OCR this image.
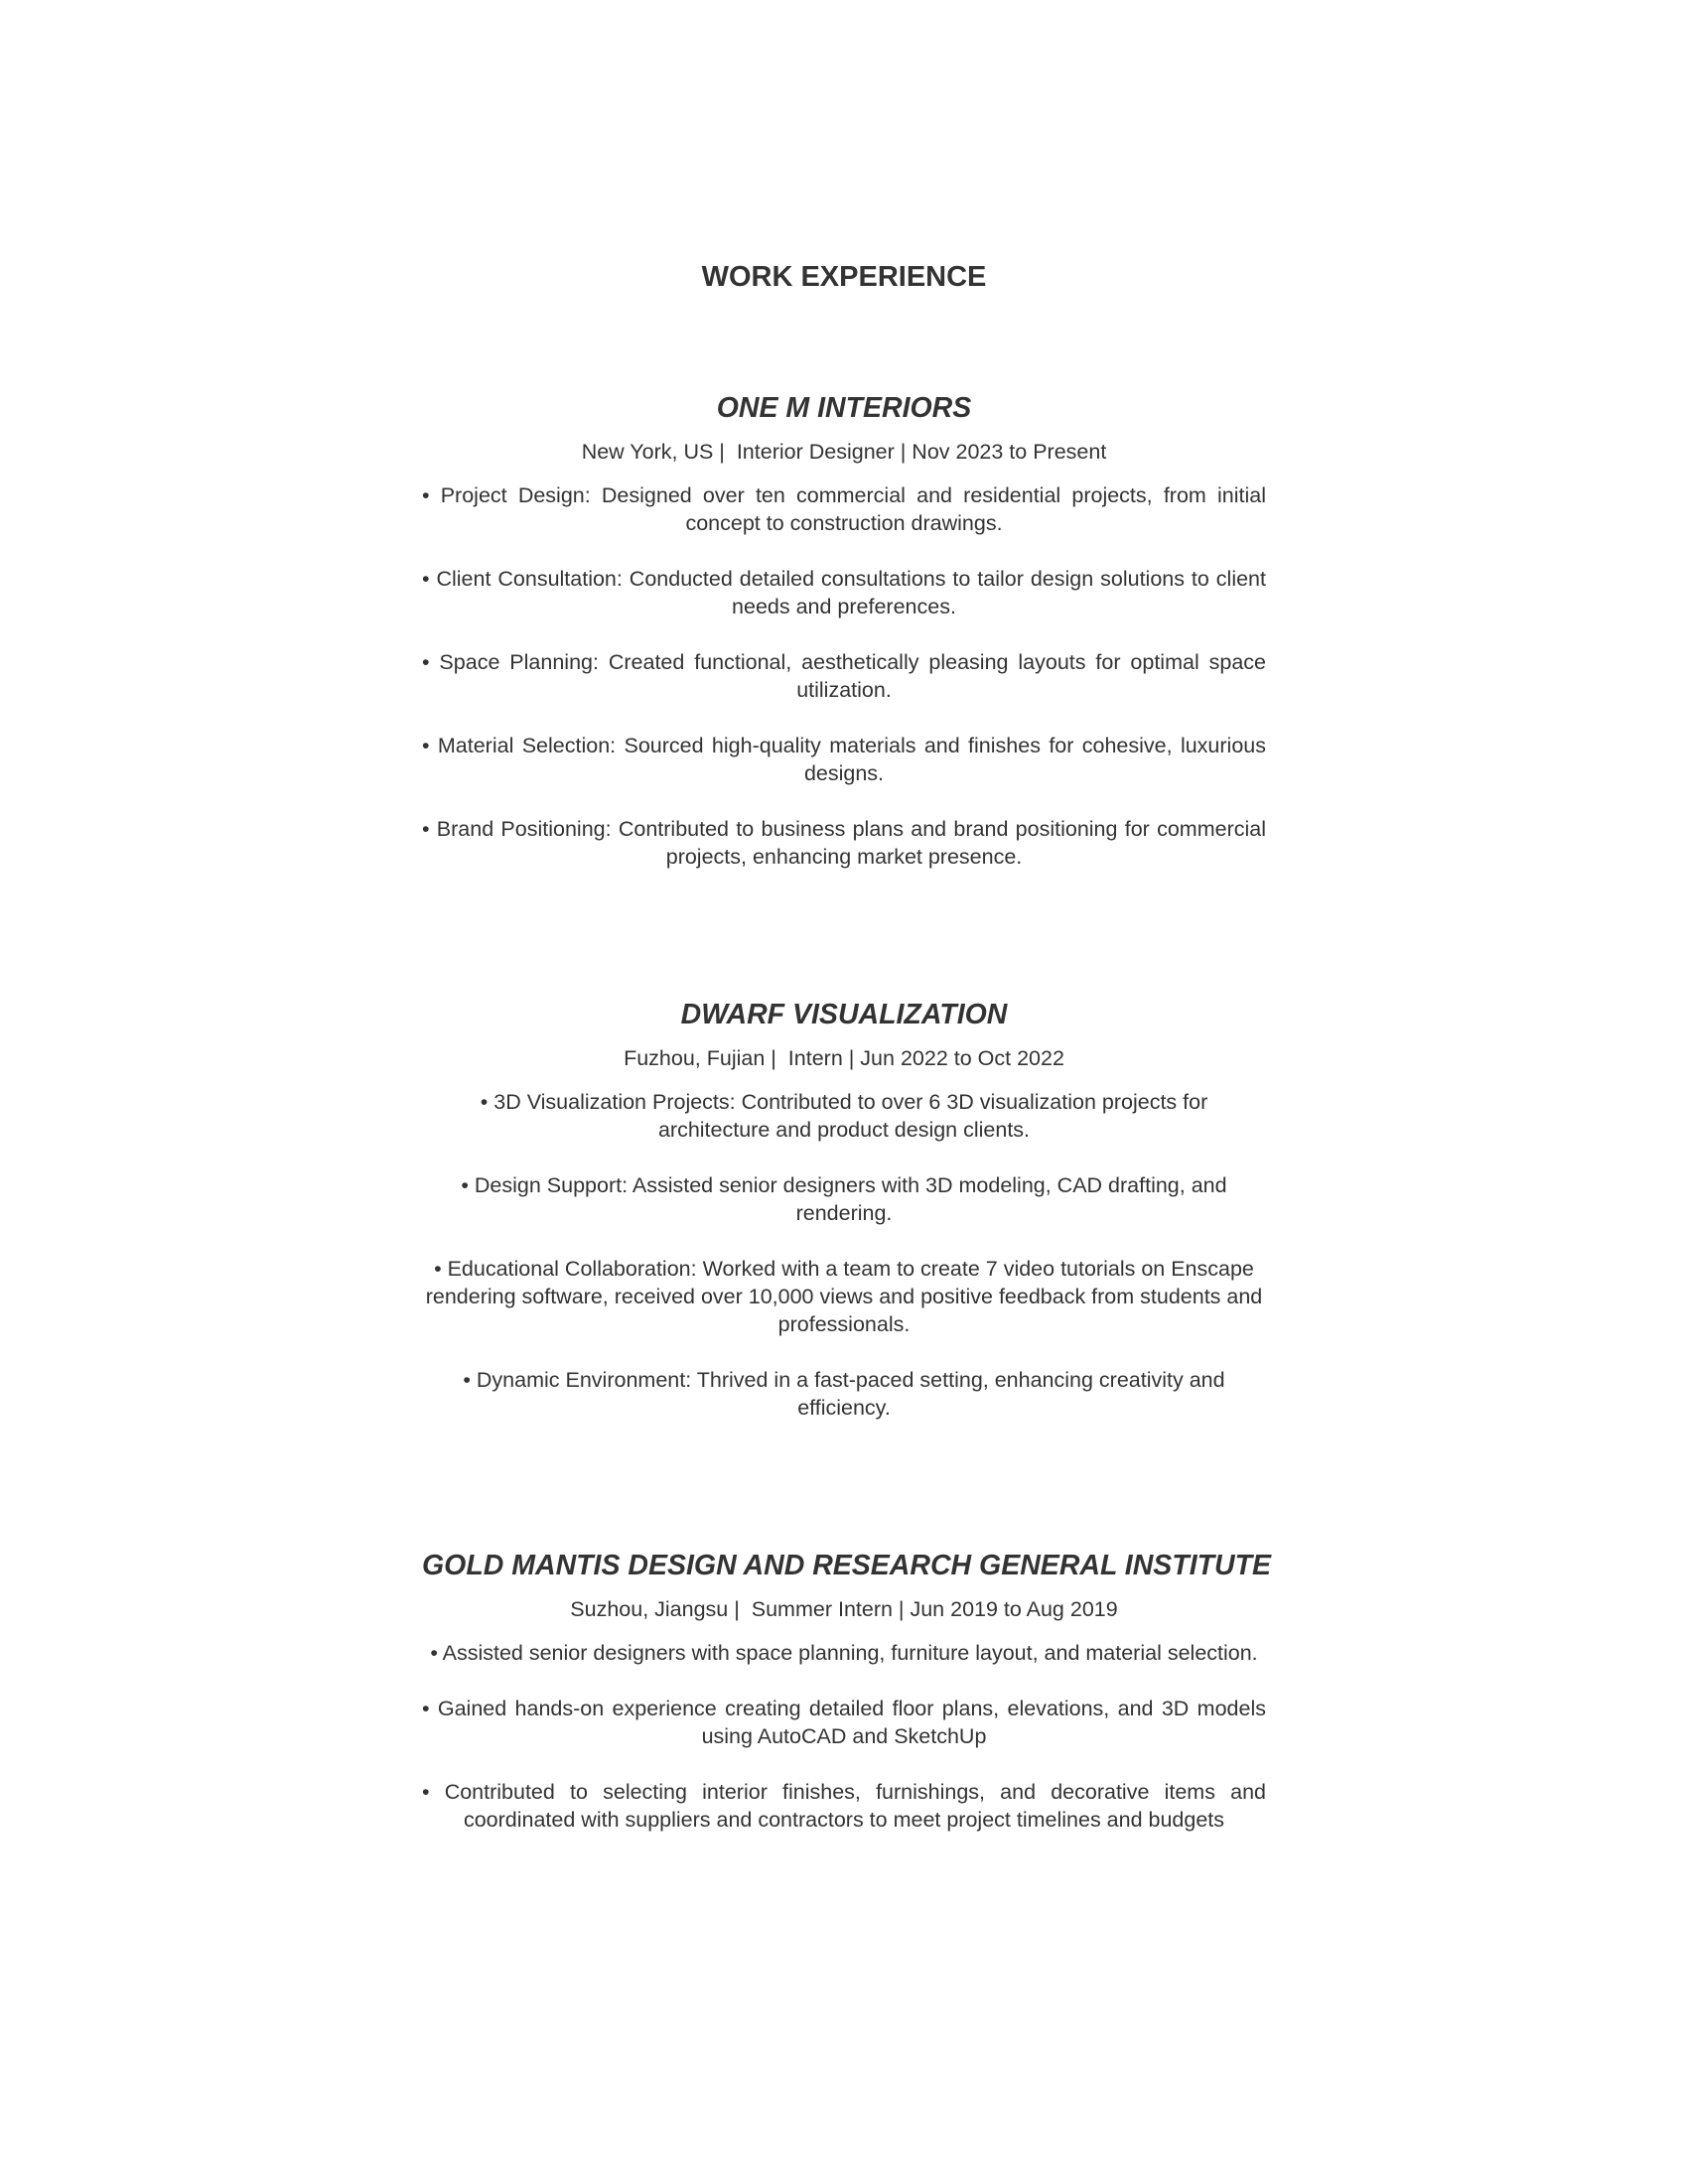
WORK EXPERIENCE
ONE M INTERIORS

New York, US |  Interior Designer | Nov 2023 to Present

• Project Design: Designed over ten commercial and residential projects, from initial concept to construction drawings.
• Client Consultation: Conducted detailed consultations to tailor design solutions to client needs and preferences.
• Space Planning: Created functional, aesthetically pleasing layouts for optimal space utilization.
• Material Selection: Sourced high-quality materials and finishes for cohesive, luxurious designs.
• Brand Positioning: Contributed to business plans and brand positioning for commercial projects, enhancing market presence.
DWARF VISUALIZATION

Fuzhou, Fujian |  Intern | Jun 2022 to Oct 2022

• 3D Visualization Projects: Contributed to over 6 3D visualization projects for architecture and product design clients.
• Design Support: Assisted senior designers with 3D modeling, CAD drafting, and rendering.
• Educational Collaboration: Worked with a team to create 7 video tutorials on Enscape rendering software, received over 10,000 views and positive feedback from students and professionals.
• Dynamic Environment: Thrived in a fast-paced setting, enhancing creativity and efficiency.
GOLD MANTIS DESIGN AND RESEARCH GENERAL INSTITUTE

Suzhou, Jiangsu |  Summer Intern | Jun 2019 to Aug 2019

• Assisted senior designers with space planning, furniture layout, and material selection.
• Gained hands-on experience creating detailed floor plans, elevations, and 3D models using AutoCAD and SketchUp
• Contributed to selecting interior finishes, furnishings, and decorative items and coordinated with suppliers and contractors to meet project timelines and budgets
